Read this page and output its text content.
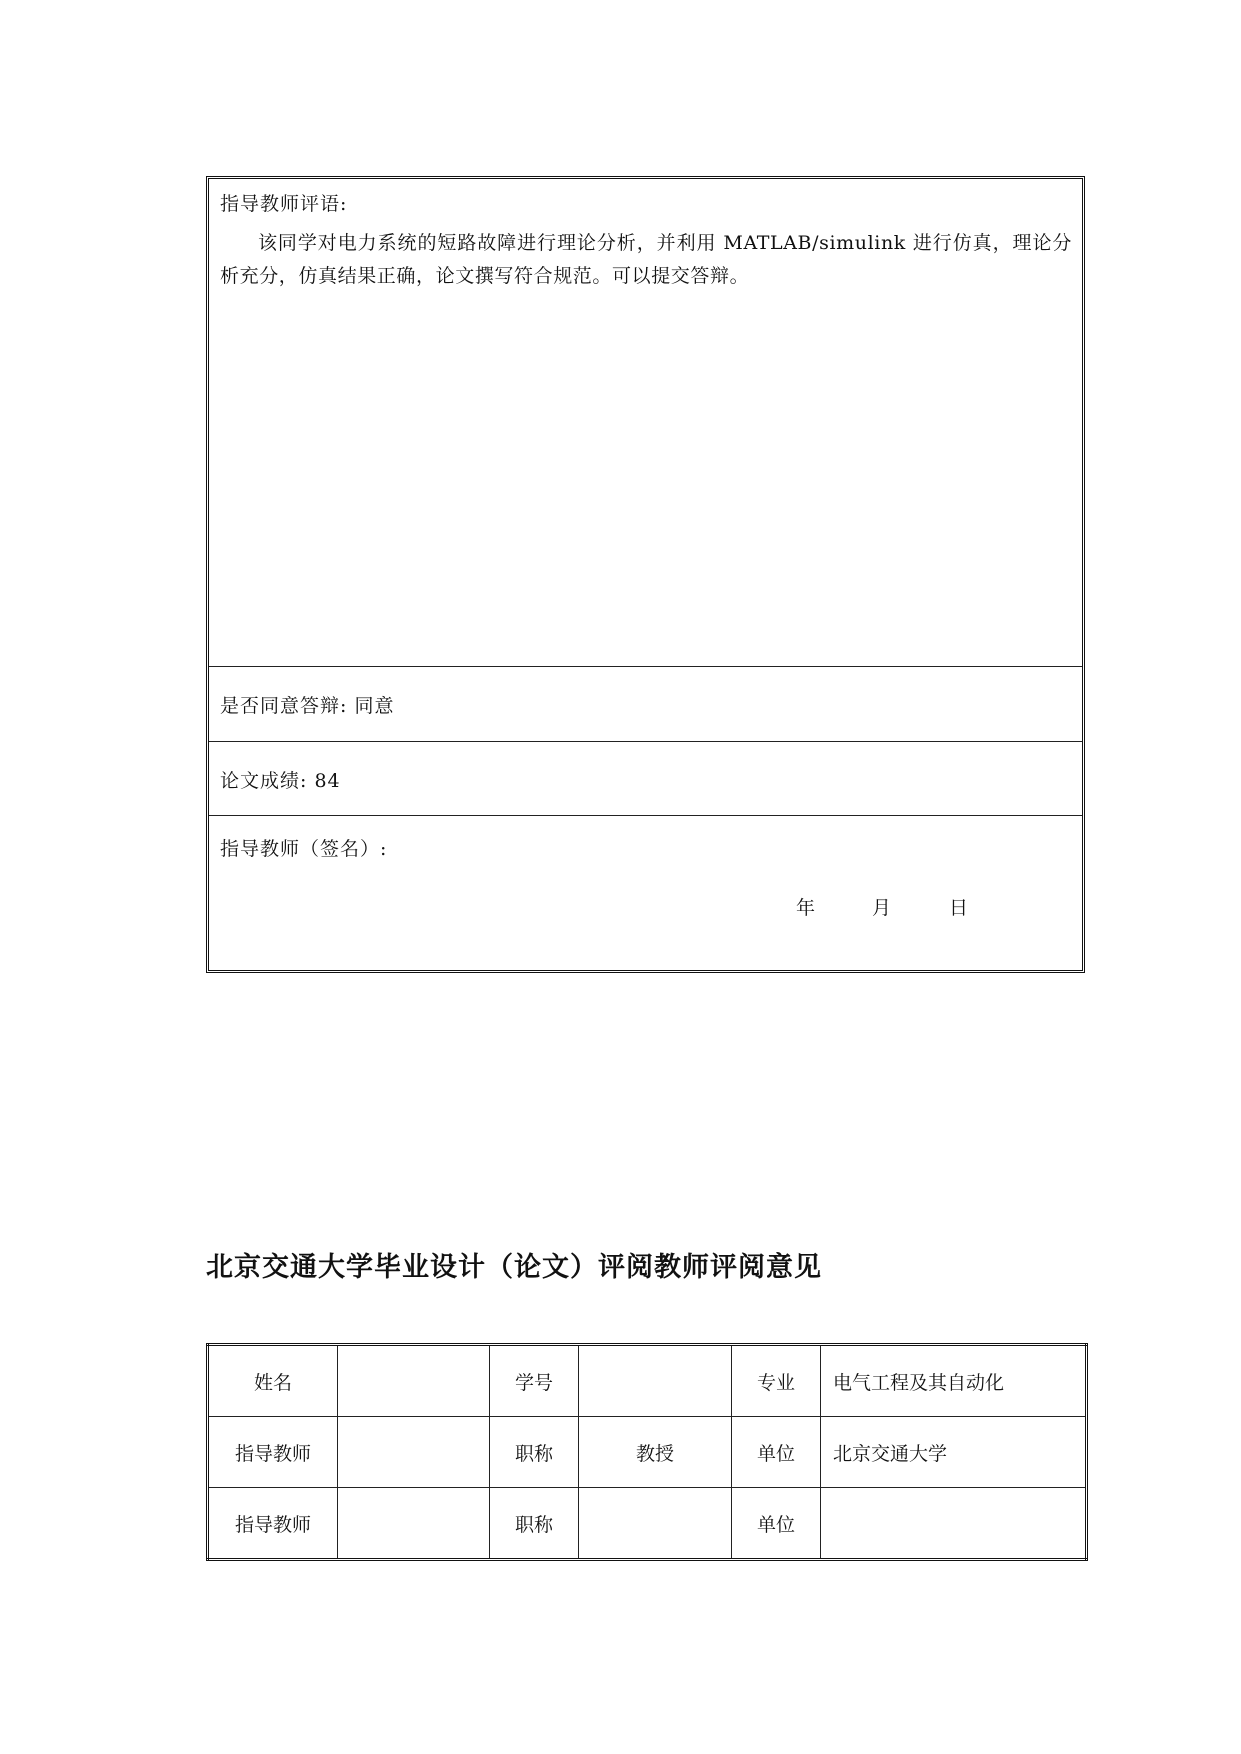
指导教师评语:
该同学对电力系统的短路故障进行理论分析，并利用 MATLAB/simulink 进行仿真，理论分析充分，仿真结果正确，论文撰写符合规范。可以提交答辩。
是否同意答辩: 同意
论文成绩: 84
指导教师（签名）:
年	月	日
北京交通大学毕业设计（论文）评阅教师评阅意见
姓名		学号		专业	电气工程及其自动化
指导教师		职称	教授	单位	北京交通大学
指导教师		职称		单位	
